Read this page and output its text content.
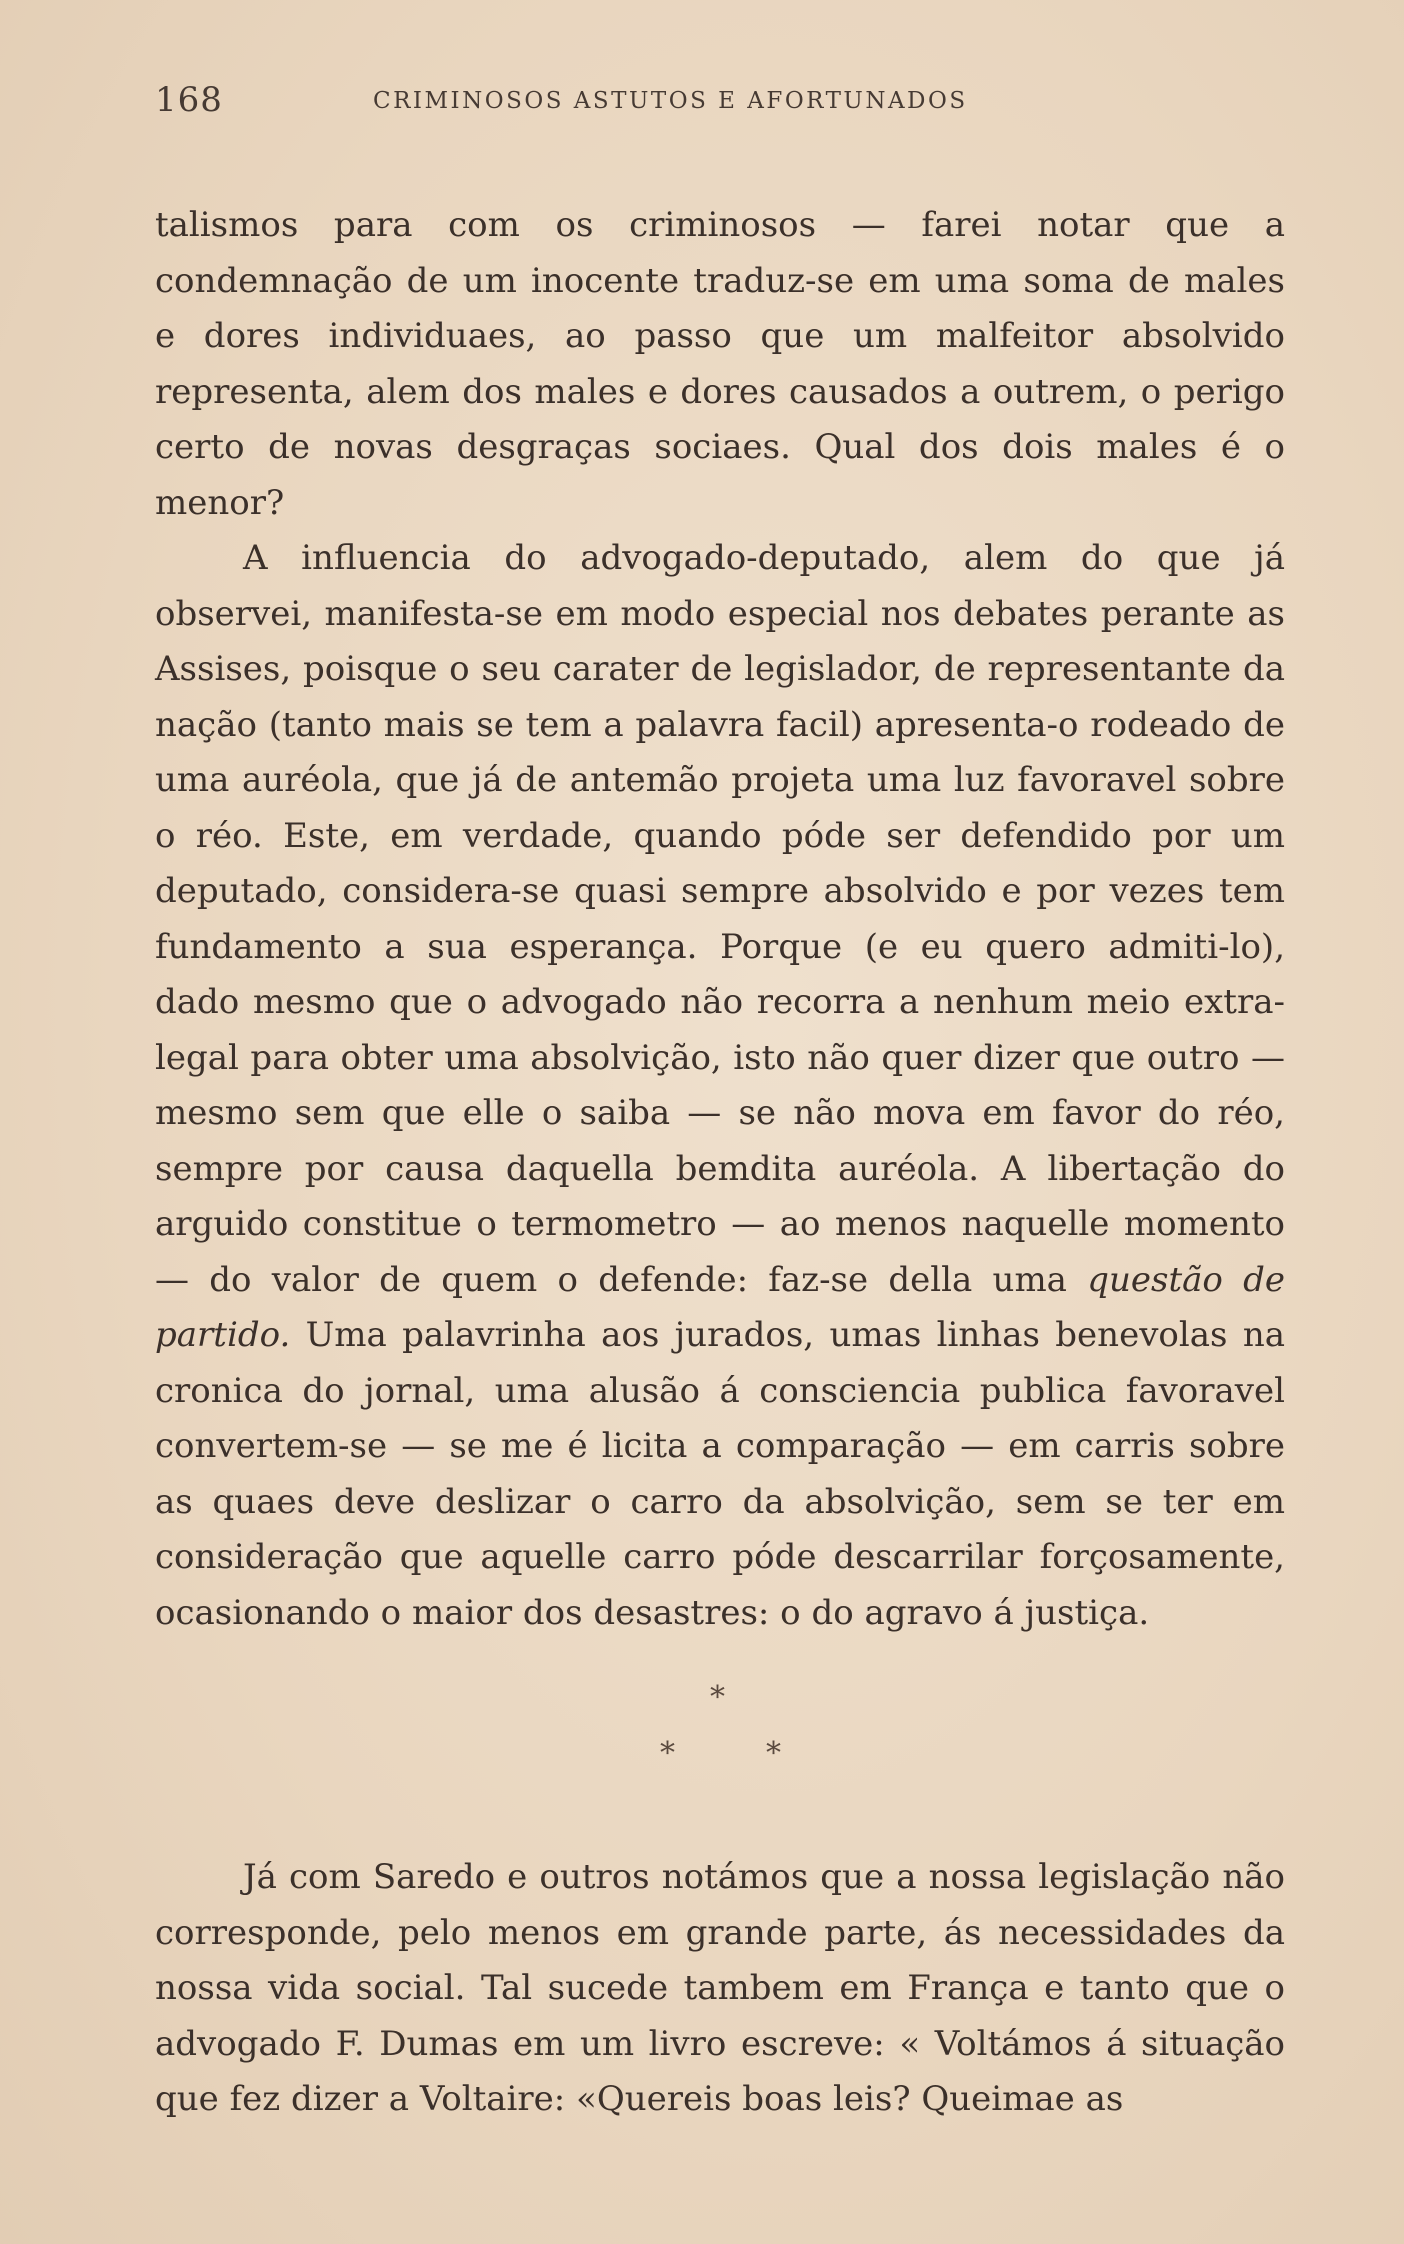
168	CRIMINOSOS ASTUTOS E AFORTUNADOS

talismos para com os criminosos — farei notar que a condemnação de um inocente traduz-se em uma soma de males e dores individuaes, ao passo que um malfeitor absolvido representa, alem dos males e dores causados a outrem, o perigo certo de novas desgraças sociaes. Qual dos dois males é o menor?

A influencia do advogado-deputado, alem do que já observei, manifesta-se em modo especial nos debates perante as Assises, poisque o seu carater de legislador, de representante da nação (tanto mais se tem a palavra facil) apresenta-o rodeado de uma auréola, que já de antemão projeta uma luz favoravel sobre o réo. Este, em verdade, quando póde ser defendido por um deputado, considera-se quasi sempre absolvido e por vezes tem fundamento a sua esperança. Porque (e eu quero admiti-lo), dado mesmo que o advogado não recorra a nenhum meio extra-legal para obter uma absolvição, isto não quer dizer que outro — mesmo sem que elle o saiba — se não mova em favor do réo, sempre por causa daquella bemdita auréola. A libertação do arguido constitue o termometro — ao menos naquelle momento — do valor de quem o defende: faz-se della uma questão de partido. Uma palavrinha aos jurados, umas linhas benevolas na cronica do jornal, uma alusão á consciencia publica favoravel convertem-se — se me é licita a comparação — em carris sobre as quaes deve deslizar o carro da absolvição, sem se ter em consideração que aquelle carro póde descarrilar forçosamente, ocasionando o maior dos desastres: o do agravo á justiça.

*
*	*

Já com Saredo e outros notámos que a nossa legislação não corresponde, pelo menos em grande parte, ás necessidades da nossa vida social. Tal sucede tambem em França e tanto que o advogado F. Dumas em um livro escreve: « Voltámos á situação que fez dizer a Voltaire: «Quereis boas leis? Queimae as
